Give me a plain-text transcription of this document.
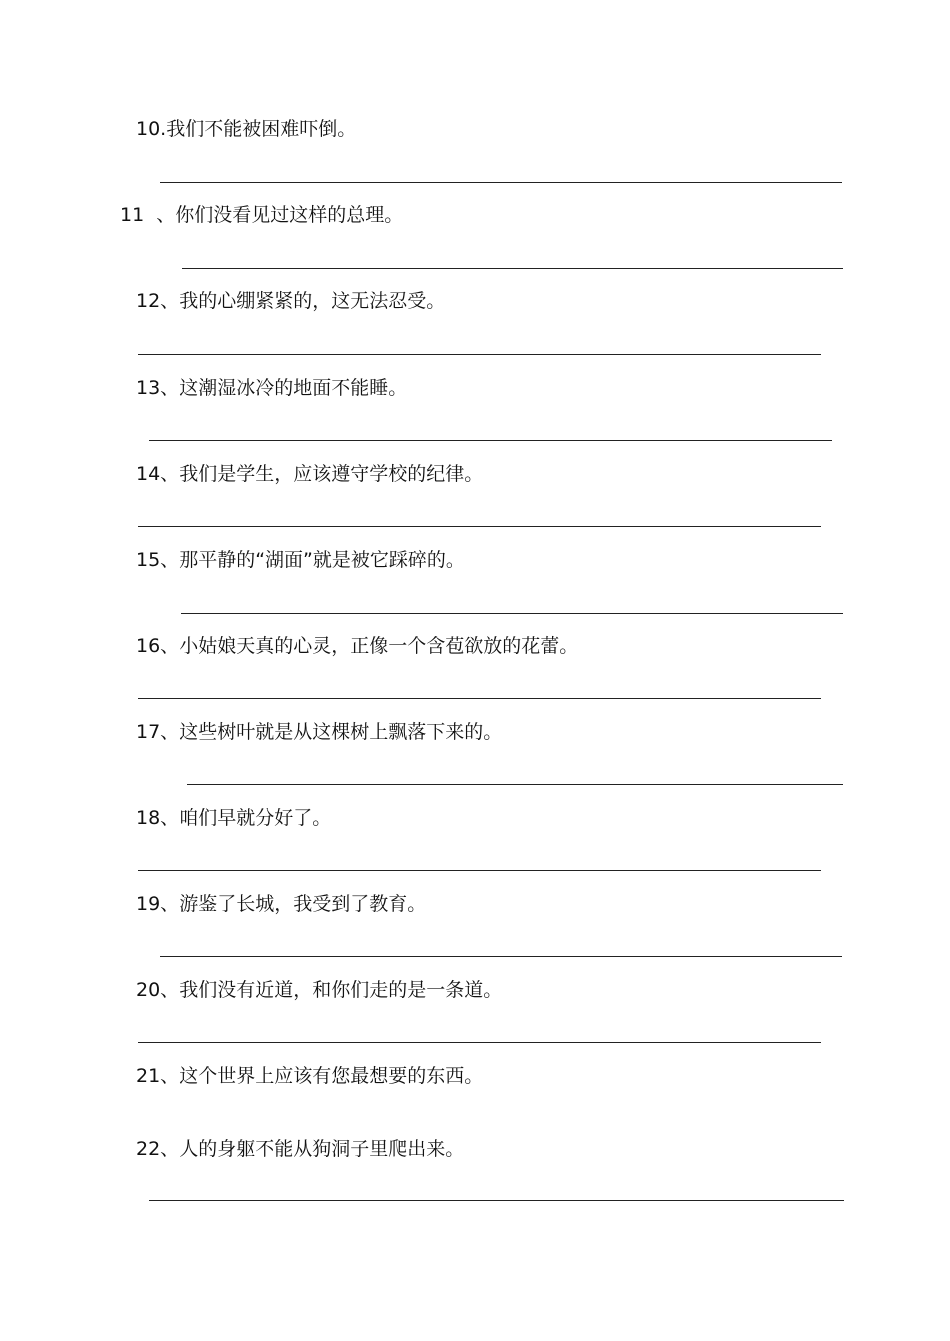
10.我们不能被困难吓倒。
11  、你们没看见过这样的总理。
12、我的心绷紧紧的，这无法忍受。
13、这潮湿冰冷的地面不能睡。
14、我们是学生，应该遵守学校的纪律。
15、那平静的“湖面”就是被它踩碎的。
16、小姑娘天真的心灵，正像一个含苞欲放的花蕾。
17、这些树叶就是从这棵树上飘落下来的。
18、咱们早就分好了。
19、游鉴了长城，我受到了教育。
20、我们没有近道，和你们走的是一条道。
21、这个世界上应该有您最想要的东西。
22、人的身躯不能从狗洞子里爬出来。
